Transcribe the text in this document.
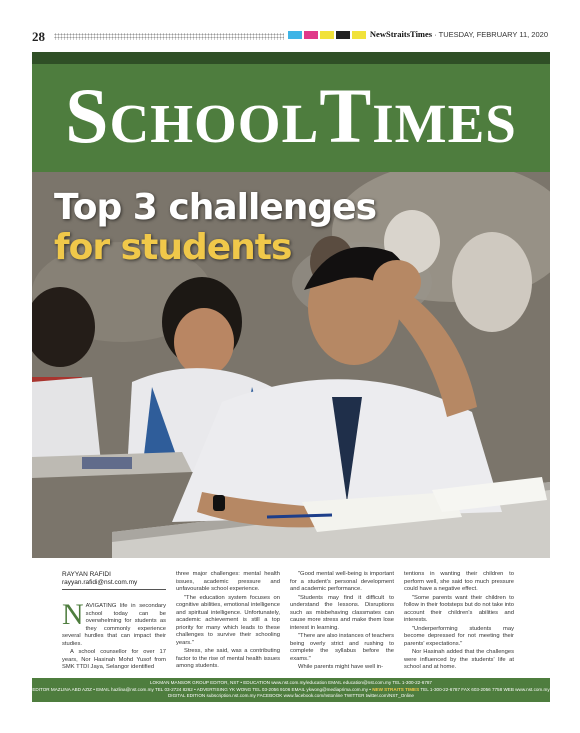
28	NewStraitsTimes · TUESDAY, FEBRUARY 11, 2020
SchoolTimes
Top 3 challenges
for students
RAYYAN RAFIDI
rayyan.rafidi@nst.com.my

NAVIGATING life in secondary school today can be overwhelming for students as they commonly experience several hurdles that can impact their studies.

A school counsellor for over 17 years, Nor Hasinah Mohd Yusof from SMK TTDI Jaya, Selangor identified

three major challenges: mental health issues, academic pressure and unfavourable school experience.

"The education system focuses on cognitive abilities, emotional intelligence and spiritual intelligence. Unfortunately, academic achievement is still a top priority for many which leads to these challenges to survive their schooling years."

Stress, she said, was a contributing factor to the rise of mental health issues among students.

"Good mental well-being is important for a student's personal development and academic performance.

"Students may find it difficult to understand the lessons. Disruptions such as misbehaving classmates can cause more stress and make them lose interest in learning.

"There are also instances of teachers being overly strict and rushing to complete the syllabus before the exams."

While parents might have well in-

tentions in wanting their children to perform well, she said too much pressure could have a negative effect.

"Some parents want their children to follow in their footsteps but do not take into account their children's abilities and interests.

"Underperforming students may become depressed for not meeting their parents' expectations."

Nor Hasinah added that the challenges were influenced by the students' life at school and at home.

LOKMAN MANSOR GROUP EDITOR, NST • EDUCATION www.nst.com.my/education EMAIL education@nst.com.my TEL 1-300-22-6787
EDITOR MAZLINA ABD AZIZ • EMAIL hazlina@nst.com.my TEL 03-2724 8262 • ADVERTISING YK WONG TEL 03-2056 9106 EMAIL ykwong@mediaprima.com.my • NEW STRAITS TIMES TEL 1-300-22-6787 FAX 603-2056 7758 WEB www.nst.com.my
DIGITAL EDITION subscription.nst.com.my FACEBOOK www.facebook.com/nstonline TWITTER twitter.com/NST_Online
